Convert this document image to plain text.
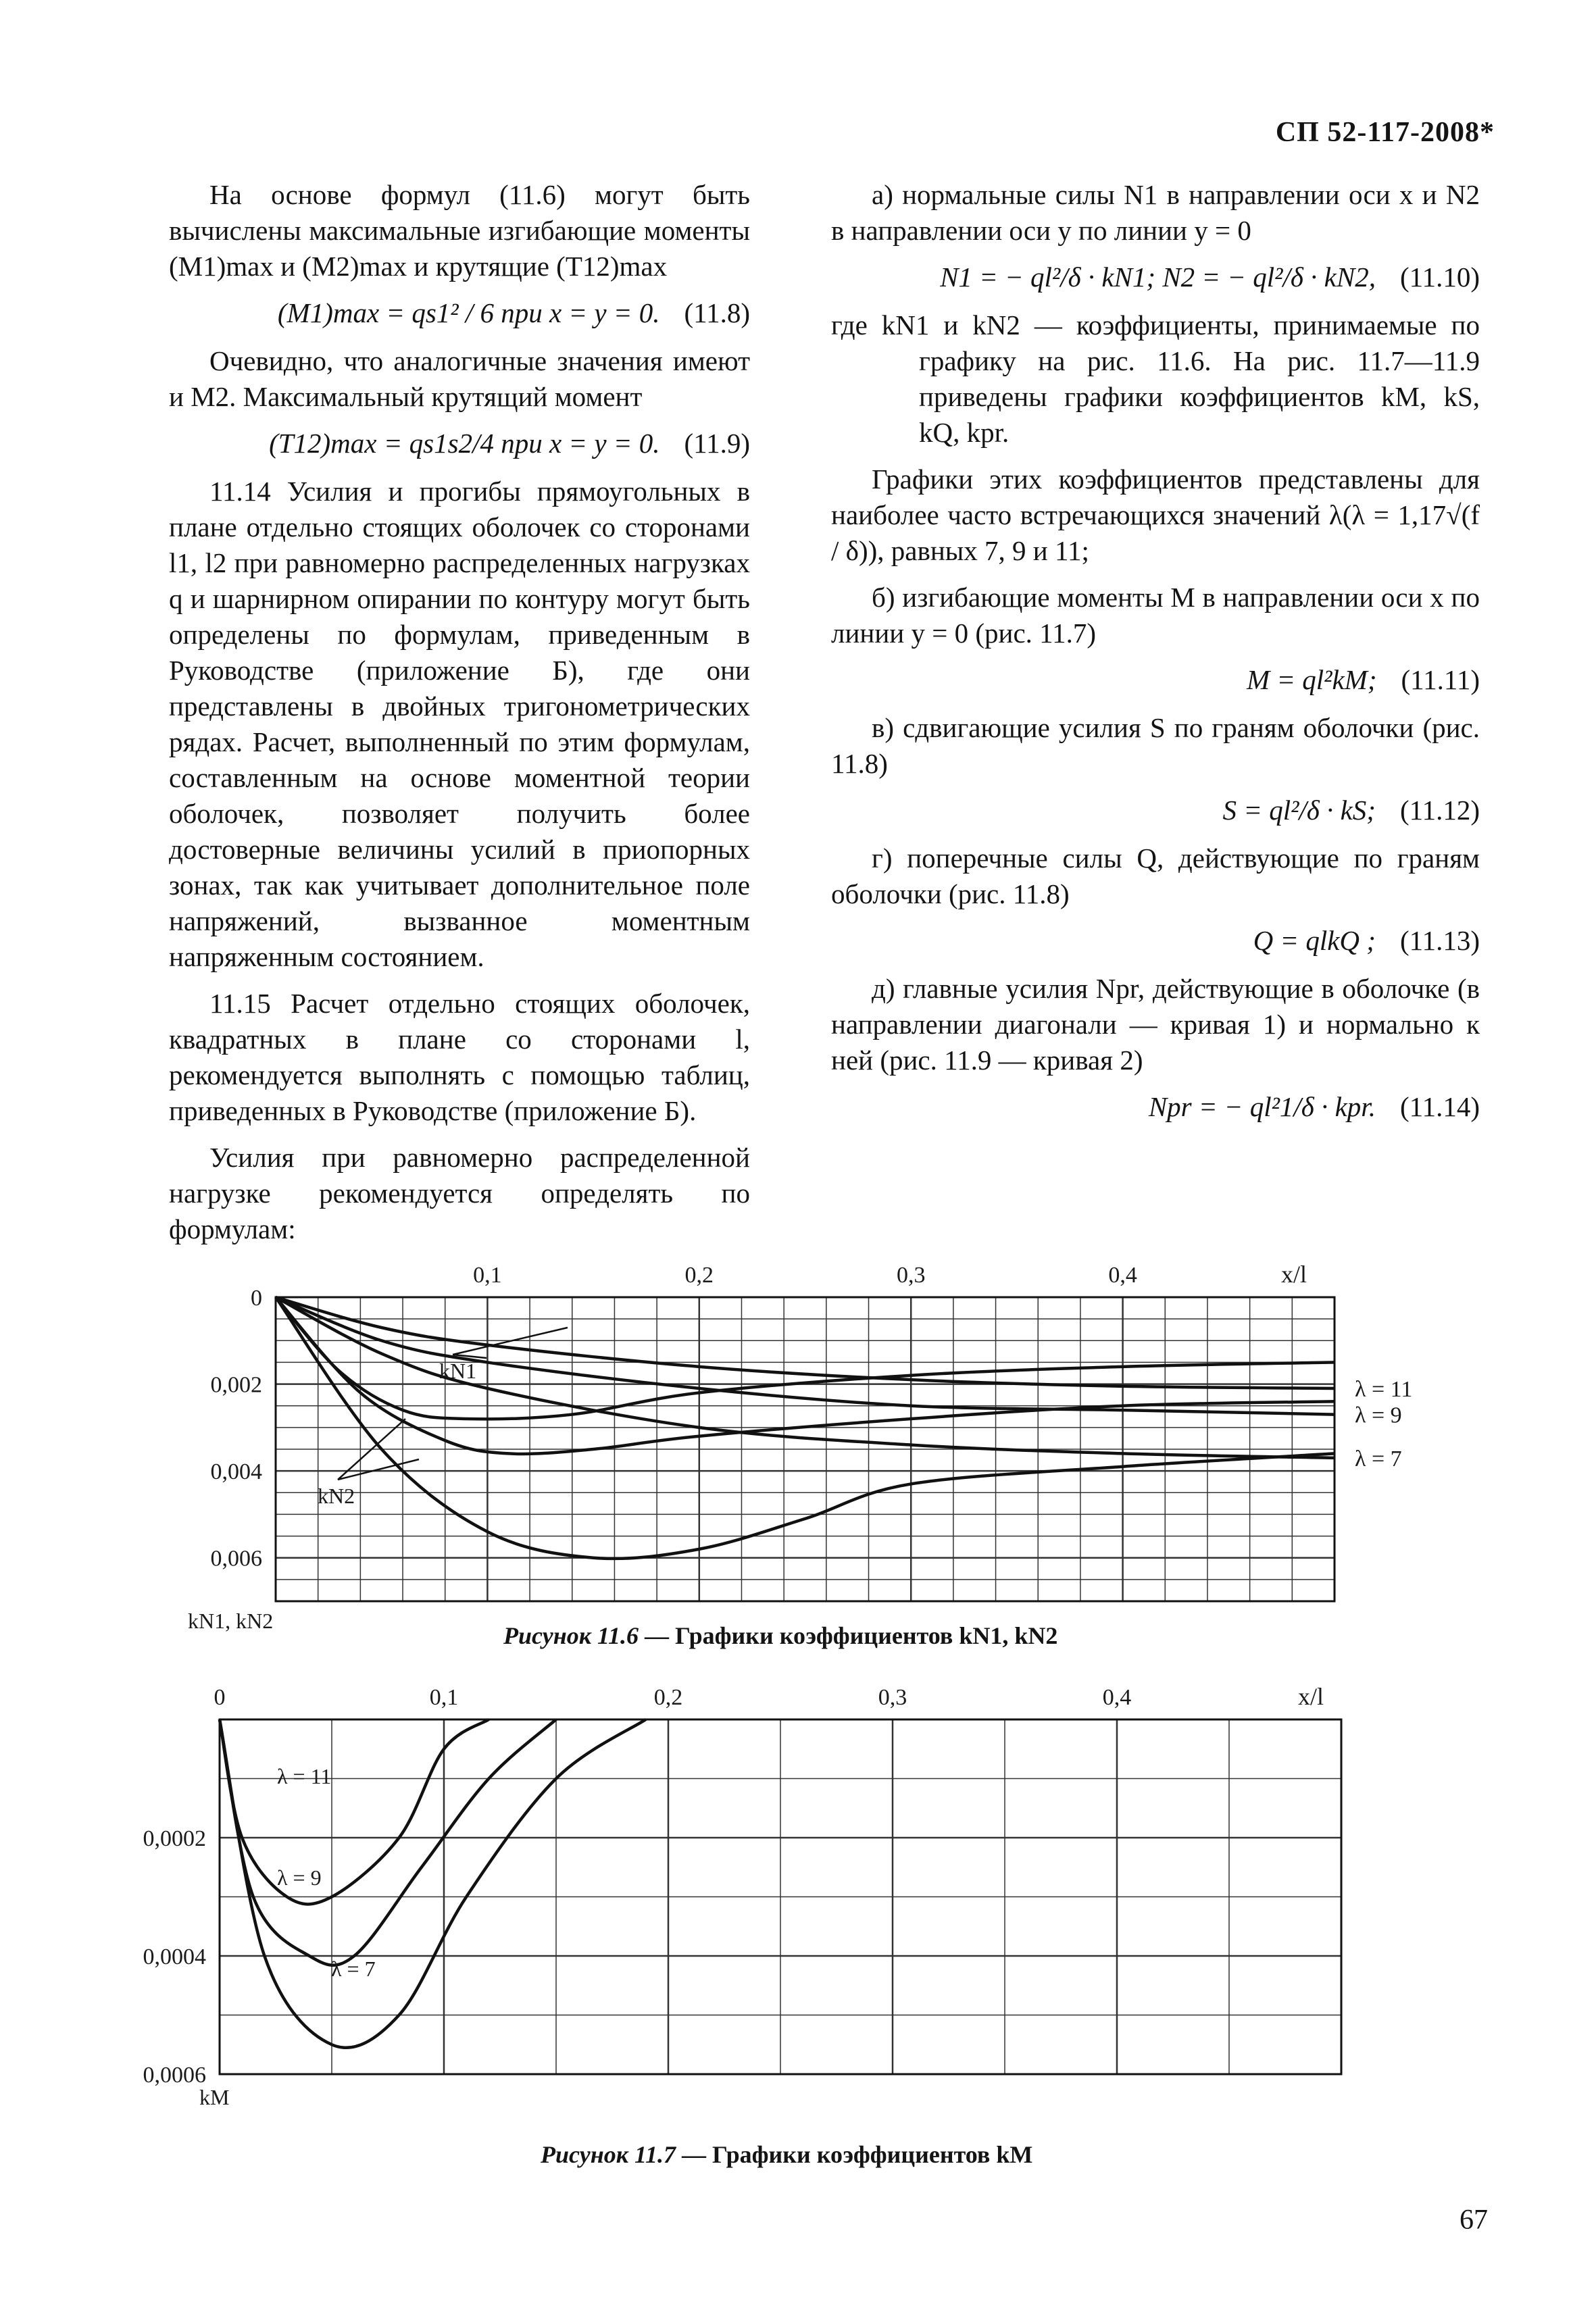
СП 52-117-2008*

На основе формул (11.6) могут быть вычислены максимальные изгибающие моменты (M1)max и (M2)max и крутящие (T12)max

(M1)max = qs1² / 6 при x = y = 0. (11.8)

Очевидно, что аналогичные значения имеют и M2. Максимальный крутящий момент

(T12)max = qs1s2/4 при x = y = 0. (11.9)

11.14 Усилия и прогибы прямоугольных в плане отдельно стоящих оболочек со сторонами l1, l2 при равномерно распределенных нагрузках q и шарнирном опирании по контуру могут быть определены по формулам, приведенным в Руководстве (приложение Б), где они представлены в двойных тригонометрических рядах. Расчет, выполненный по этим формулам, составленным на основе моментной теории оболочек, позволяет получить более достоверные величины усилий в приопорных зонах, так как учитывает дополнительное поле напряжений, вызванное моментным напряженным состоянием.

11.15 Расчет отдельно стоящих оболочек, квадратных в плане со сторонами l, рекомендуется выполнять с помощью таблиц, приведенных в Руководстве (приложение Б).

Усилия при равномерно распределенной нагрузке рекомендуется определять по формулам:

а) нормальные силы N1 в направлении оси x и N2 в направлении оси y по линии y = 0

N1 = − ql²/δ · kN1; N2 = − ql²/δ · kN2, (11.10)

где kN1 и kN2 — коэффициенты, принимаемые по графику на рис. 11.6. На рис. 11.7—11.9 приведены графики коэффициентов kM, kS, kQ, kpr.

Графики этих коэффициентов представлены для наиболее часто встречающихся значений λ(λ = 1,17√(f / δ)), равных 7, 9 и 11;

б) изгибающие моменты M в направлении оси x по линии y = 0 (рис. 11.7)

M = ql²kM; (11.11)

в) сдвигающие усилия S по граням оболочки (рис. 11.8)

S = ql²/δ · kS; (11.12)

г) поперечные силы Q, действующие по граням оболочки (рис. 11.8)

Q = qlkQ ; (11.13)

д) главные усилия Npr, действующие в оболочке (в направлении диагонали — кривая 1) и нормально к ней (рис. 11.9 — кривая 2)

Npr = − ql²1/δ · kpr. (11.14)
0,1	0,2	0,3	0,4	x/l
0
0,002
0,004
0,006
kN1, kN2
λ = 11
λ = 9
λ = 7
kN1
kN2
0	0,1	0,2	0,3	0,4	x/l
0,0002
0,0004
0,0006
kM
λ = 11
λ = 9
λ = 7
Рисунок 11.6 — Графики коэффициентов kN1, kN2
Рисунок 11.7 — Графики коэффициентов kM
67
